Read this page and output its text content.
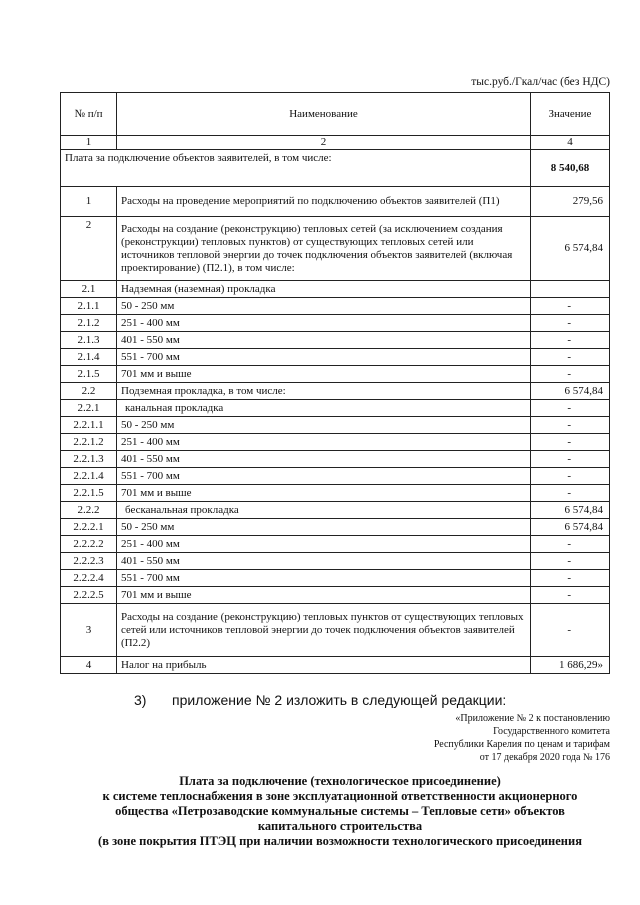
тыс.руб./Гкал/час (без НДС)
№ п/п	Наименование	Значение
1	2	4
Плата за подключение объектов заявителей, в том числе:		8 540,68
1	Расходы на проведение мероприятий по подключению объектов заявителей (П1)	279,56
2	Расходы на создание (реконструкцию) тепловых сетей (за исключением создания (реконструкции) тепловых пунктов) от существующих тепловых сетей или источников тепловой энергии до точек подключения объектов заявителей (включая проектирование) (П2.1), в том числе:	6 574,84
2.1	Надземная (наземная) прокладка	
2.1.1	50 - 250 мм	-
2.1.2	251 - 400 мм	-
2.1.3	401 - 550 мм	-
2.1.4	551 - 700 мм	-
2.1.5	701 мм и выше	-
2.2	Подземная прокладка, в том числе:	6 574,84
2.2.1	канальная прокладка	-
2.2.1.1	50 - 250 мм	-
2.2.1.2	251 - 400 мм	-
2.2.1.3	401 - 550 мм	-
2.2.1.4	551 - 700 мм	-
2.2.1.5	701 мм и выше	-
2.2.2	бесканальная прокладка	6 574,84
2.2.2.1	50 - 250 мм	6 574,84
2.2.2.2	251 - 400 мм	-
2.2.2.3	401 - 550 мм	-
2.2.2.4	551 - 700 мм	-
2.2.2.5	701 мм и выше	-
3	Расходы на создание (реконструкцию) тепловых пунктов от существующих тепловых сетей или источников тепловой энергии до точек подключения объектов заявителей (П2.2)	-
4	Налог на прибыль	1 686,29»
3) приложение № 2 изложить в следующей редакции:
«Приложение № 2 к постановлению
Государственного комитета
Республики Карелия по ценам и тарифам
от 17 декабря 2020 года № 176
Плата за подключение (технологическое присоединение)
к системе теплоснабжения в зоне эксплуатационной ответственности акционерного
общества «Петрозаводские коммунальные системы – Тепловые сети» объектов
капитального строительства
(в зоне покрытия ПТЭЦ при наличии возможности технологического присоединения
